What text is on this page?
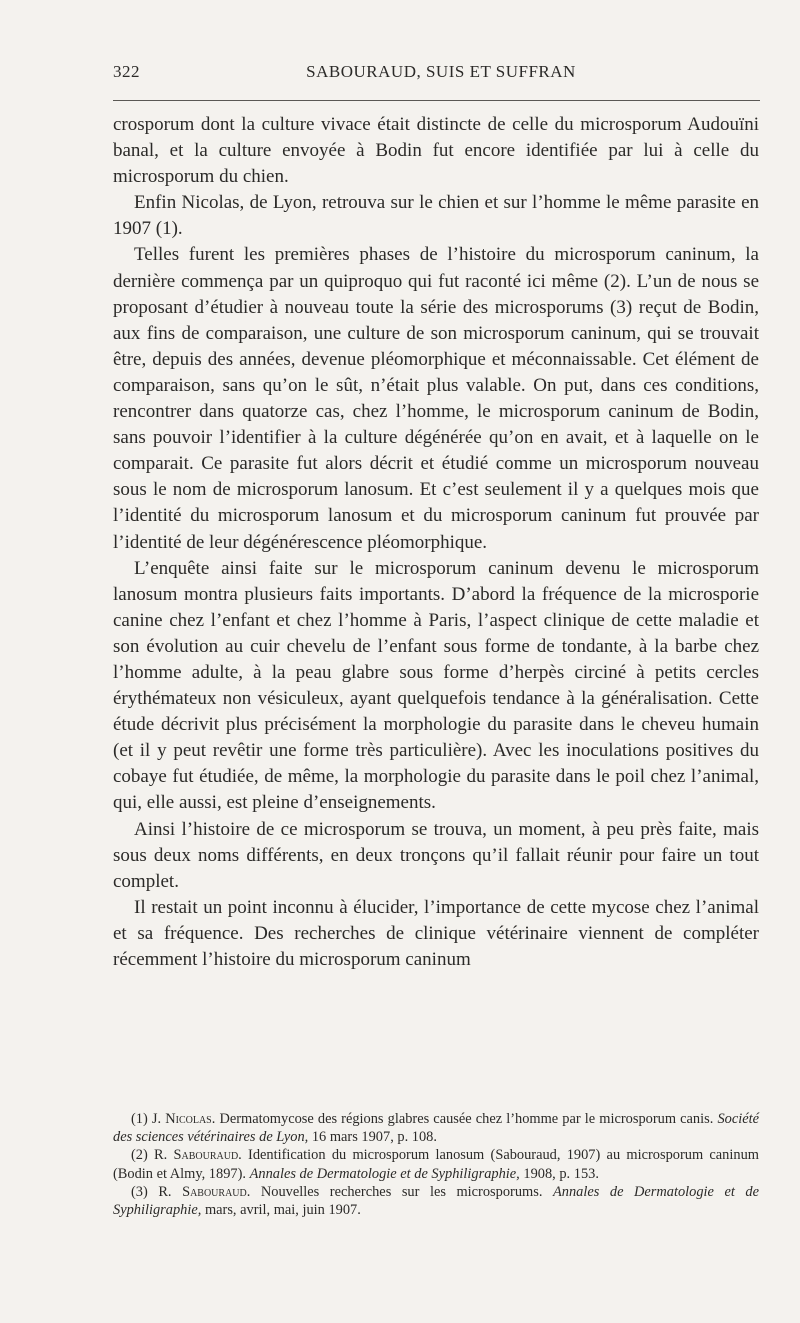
322	SABOURAUD, SUIS ET SUFFRAN

crosporum dont la culture vivace était distincte de celle du microsporum Audouïni banal, et la culture envoyée à Bodin fut encore identifiée par lui à celle du microsporum du chien.

Enfin Nicolas, de Lyon, retrouva sur le chien et sur l’homme le même parasite en 1907 (1).

Telles furent les premières phases de l’histoire du microsporum caninum, la dernière commença par un quiproquo qui fut raconté ici même (2). L’un de nous se proposant d’étudier à nouveau toute la série des microsporums (3) reçut de Bodin, aux fins de comparaison, une culture de son microsporum caninum, qui se trouvait être, depuis des années, devenue pléomorphique et méconnaissable. Cet élément de comparaison, sans qu’on le sût, n’était plus valable. On put, dans ces conditions, rencontrer dans quatorze cas, chez l’homme, le microsporum caninum de Bodin, sans pouvoir l’identifier à la culture dégénérée qu’on en avait, et à laquelle on le comparait. Ce parasite fut alors décrit et étudié comme un microsporum nouveau sous le nom de microsporum lanosum. Et c’est seulement il y a quelques mois que l’identité du microsporum lanosum et du microsporum caninum fut prouvée par l’identité de leur dégénérescence pléomorphique.

L’enquête ainsi faite sur le microsporum caninum devenu le microsporum lanosum montra plusieurs faits importants. D’abord la fréquence de la microsporie canine chez l’enfant et chez l’homme à Paris, l’aspect clinique de cette maladie et son évolution au cuir chevelu de l’enfant sous forme de tondante, à la barbe chez l’homme adulte, à la peau glabre sous forme d’herpès circiné à petits cercles érythémateux non vésiculeux, ayant quelquefois tendance à la généralisation. Cette étude décrivit plus précisément la morphologie du parasite dans le cheveu humain (et il y peut revêtir une forme très particulière). Avec les inoculations positives du cobaye fut étudiée, de même, la morphologie du parasite dans le poil chez l’animal, qui, elle aussi, est pleine d’enseignements.

Ainsi l’histoire de ce microsporum se trouva, un moment, à peu près faite, mais sous deux noms différents, en deux tronçons qu’il fallait réunir pour faire un tout complet.

Il restait un point inconnu à élucider, l’importance de cette mycose chez l’animal et sa fréquence. Des recherches de clinique vétérinaire viennent de compléter récemment l’histoire du microsporum caninum

(1) J. Nicolas. Dermatomycose des régions glabres causée chez l’homme par le microsporum canis. Société des sciences vétérinaires de Lyon, 16 mars 1907, p. 108.

(2) R. Sabouraud. Identification du microsporum lanosum (Sabouraud, 1907) au microsporum caninum (Bodin et Almy, 1897). Annales de Dermatologie et de Syphiligraphie, 1908, p. 153.

(3) R. Sabouraud. Nouvelles recherches sur les microsporums. Annales de Dermatologie et de Syphiligraphie, mars, avril, mai, juin 1907.
